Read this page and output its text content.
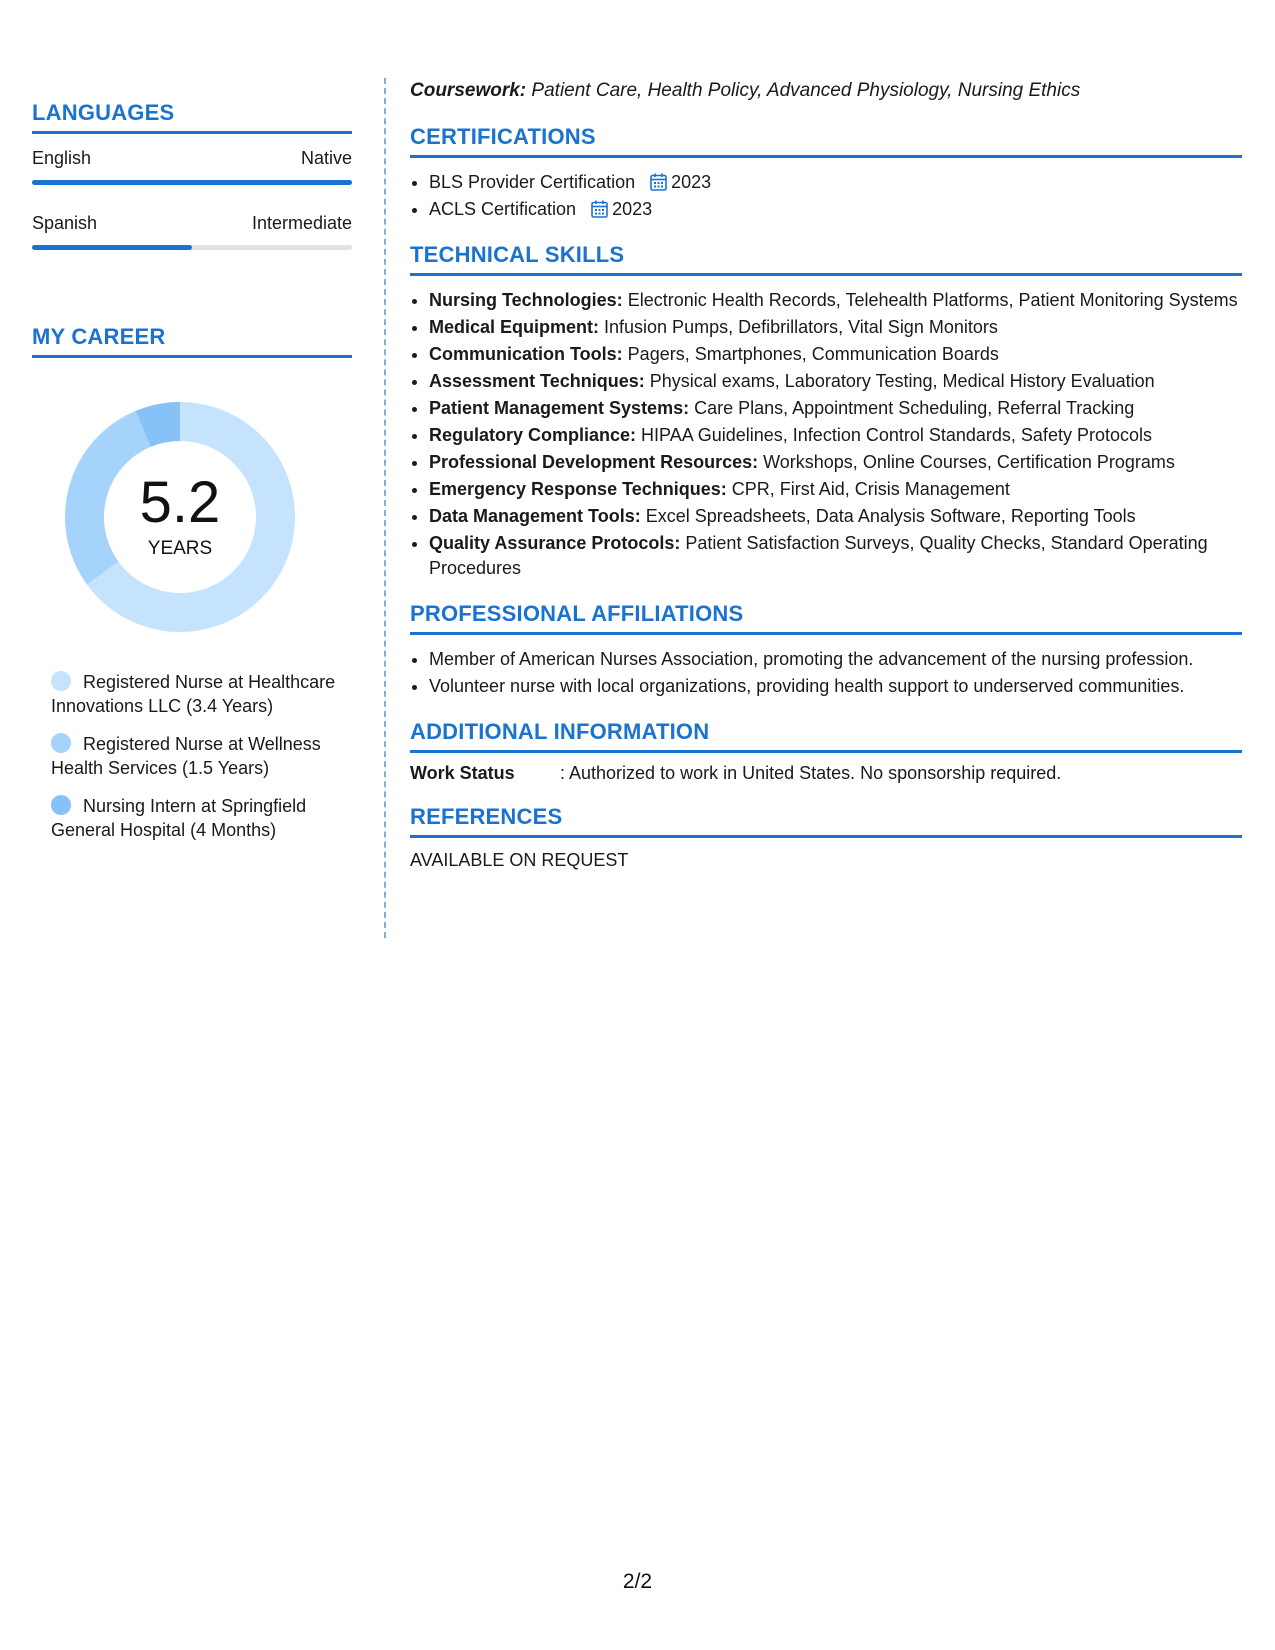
LANGUAGES
English	Native
Spanish	Intermediate
MY CAREER
5.2
YEARS
Registered Nurse at Healthcare Innovations LLC (3.4 Years)
Registered Nurse at Wellness Health Services (1.5 Years)
Nursing Intern at Springfield General Hospital (4 Months)
Coursework: Patient Care, Health Policy, Advanced Physiology, Nursing Ethics
CERTIFICATIONS
• BLS Provider Certification 2023
• ACLS Certification 2023
TECHNICAL SKILLS
• Nursing Technologies: Electronic Health Records, Telehealth Platforms, Patient Monitoring Systems
• Medical Equipment: Infusion Pumps, Defibrillators, Vital Sign Monitors
• Communication Tools: Pagers, Smartphones, Communication Boards
• Assessment Techniques: Physical exams, Laboratory Testing, Medical History Evaluation
• Patient Management Systems: Care Plans, Appointment Scheduling, Referral Tracking
• Regulatory Compliance: HIPAA Guidelines, Infection Control Standards, Safety Protocols
• Professional Development Resources: Workshops, Online Courses, Certification Programs
• Emergency Response Techniques: CPR, First Aid, Crisis Management
• Data Management Tools: Excel Spreadsheets, Data Analysis Software, Reporting Tools
• Quality Assurance Protocols: Patient Satisfaction Surveys, Quality Checks, Standard Operating Procedures
PROFESSIONAL AFFILIATIONS
• Member of American Nurses Association, promoting the advancement of the nursing profession.
• Volunteer nurse with local organizations, providing health support to underserved communities.
ADDITIONAL INFORMATION
Work Status	: Authorized to work in United States. No sponsorship required.
REFERENCES
AVAILABLE ON REQUEST
2/2
